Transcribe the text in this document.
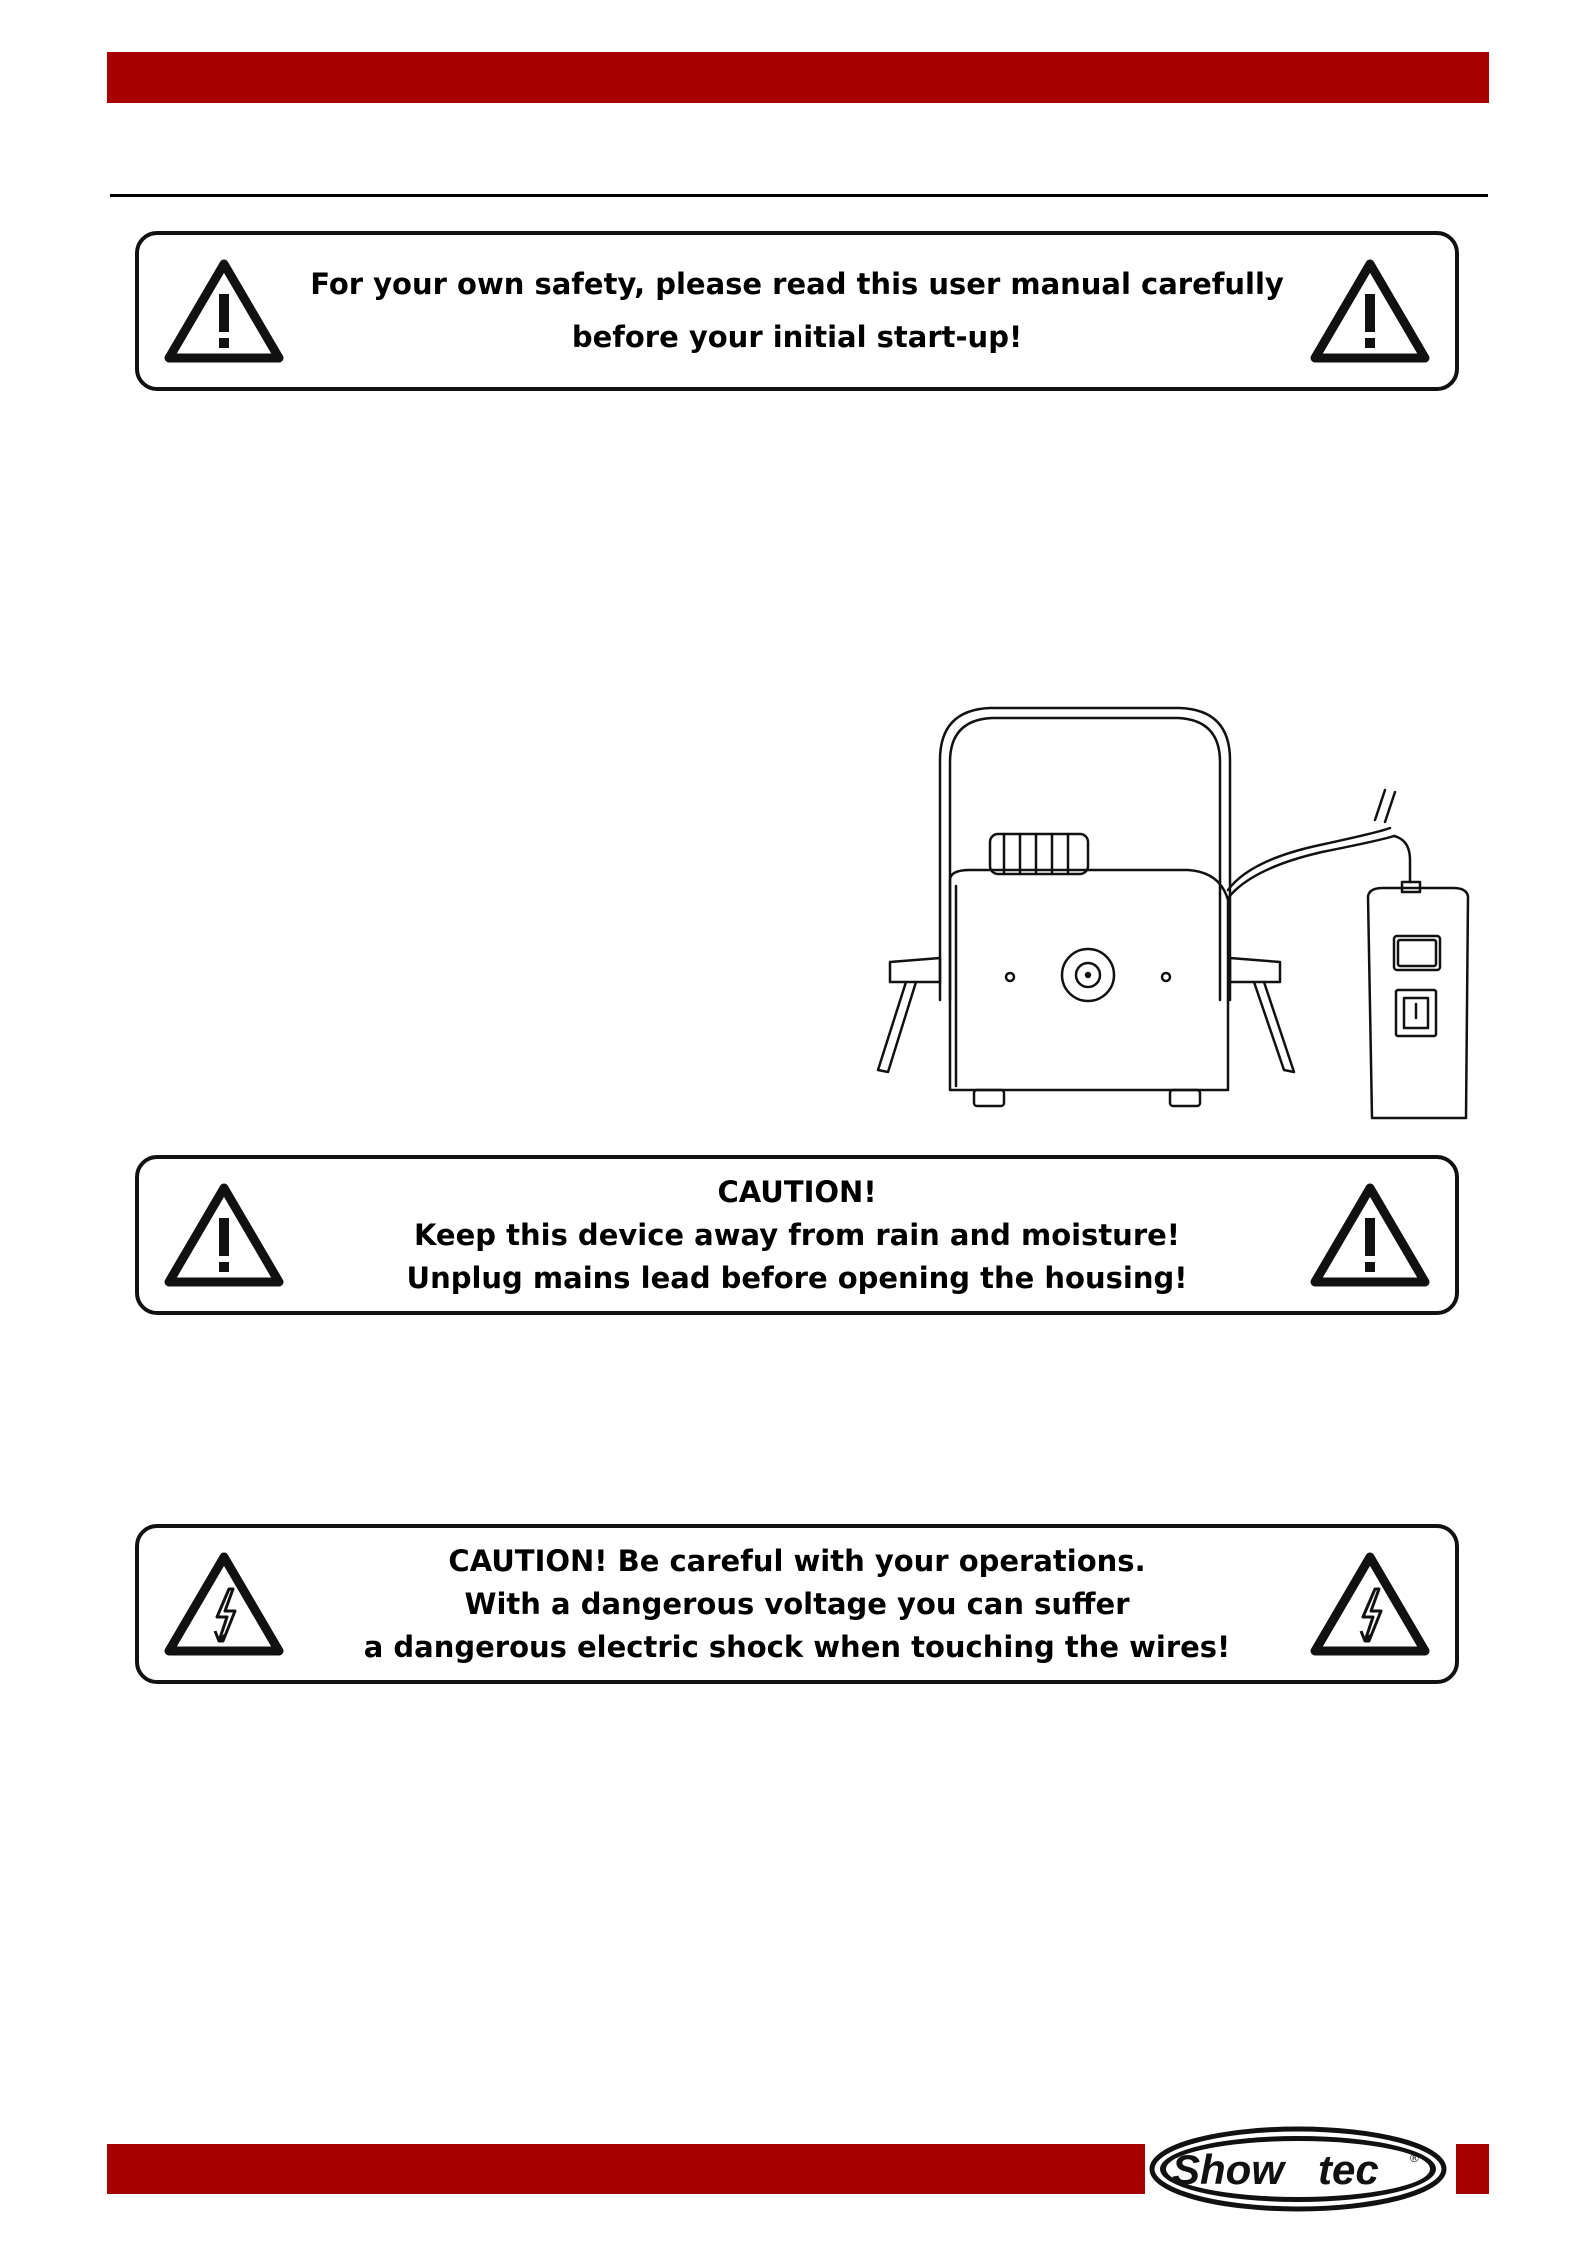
For your own safety, please read this user manual carefully
before your initial start-up!
CAUTION!
Keep this device away from rain and moisture!
Unplug mains lead before opening the housing!
CAUTION! Be careful with your operations.
With a dangerous voltage you can suffer
a dangerous electric shock when touching the wires!
Show tec	®
